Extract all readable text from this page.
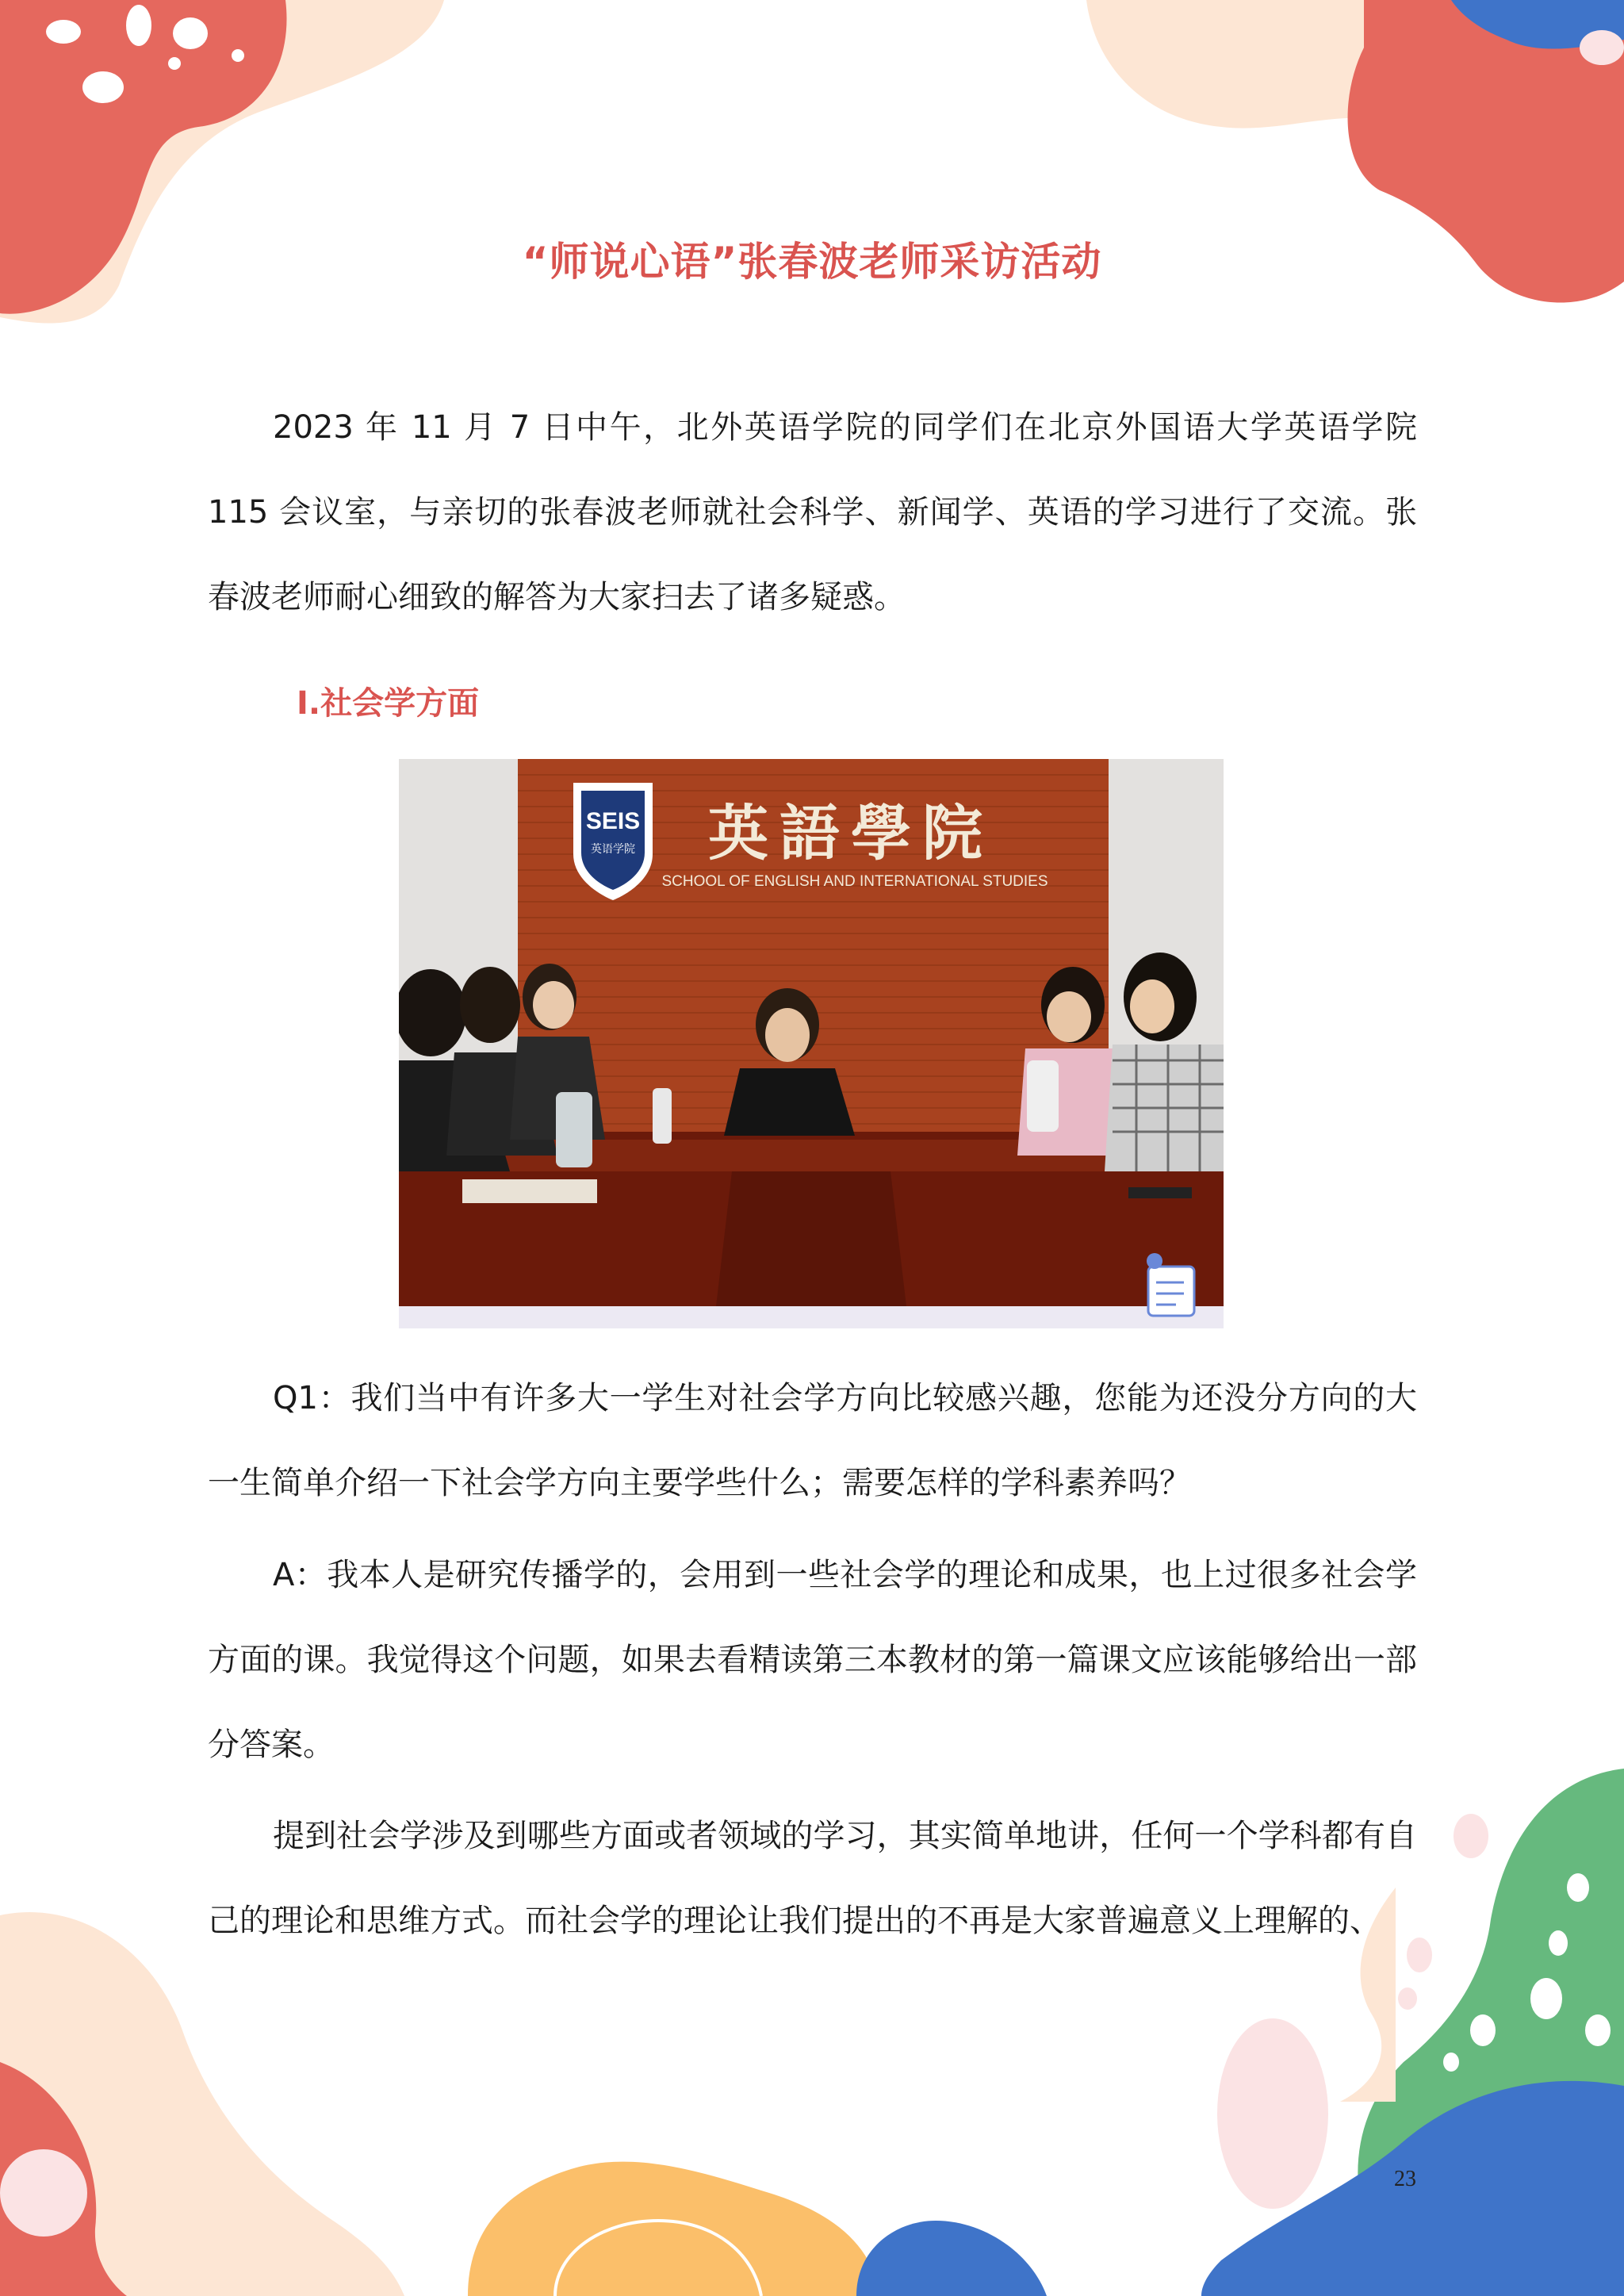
“师说心语”张春波老师采访活动

2023 年 11 月 7 日中午，北外英语学院的同学们在北京外国语大学英语学院 115 会议室，与亲切的张春波老师就社会科学、新闻学、英语的学习进行了交流。张春波老师耐心细致的解答为大家扫去了诸多疑惑。

Ⅰ.社会学方面
SEIS
英语学院 英語學院
SCHOOL OF ENGLISH AND INTERNATIONAL STUDIES

Q1：我们当中有许多大一学生对社会学方向比较感兴趣，您能为还没分方向的大一生简单介绍一下社会学方向主要学些什么；需要怎样的学科素养吗？

A：我本人是研究传播学的，会用到一些社会学的理论和成果，也上过很多社会学方面的课。我觉得这个问题，如果去看精读第三本教材的第一篇课文应该能够给出一部分答案。

提到社会学涉及到哪些方面或者领域的学习，其实简单地讲，任何一个学科都有自己的理论和思维方式。而社会学的理论让我们提出的不再是大家普遍意义上理解的、

23
